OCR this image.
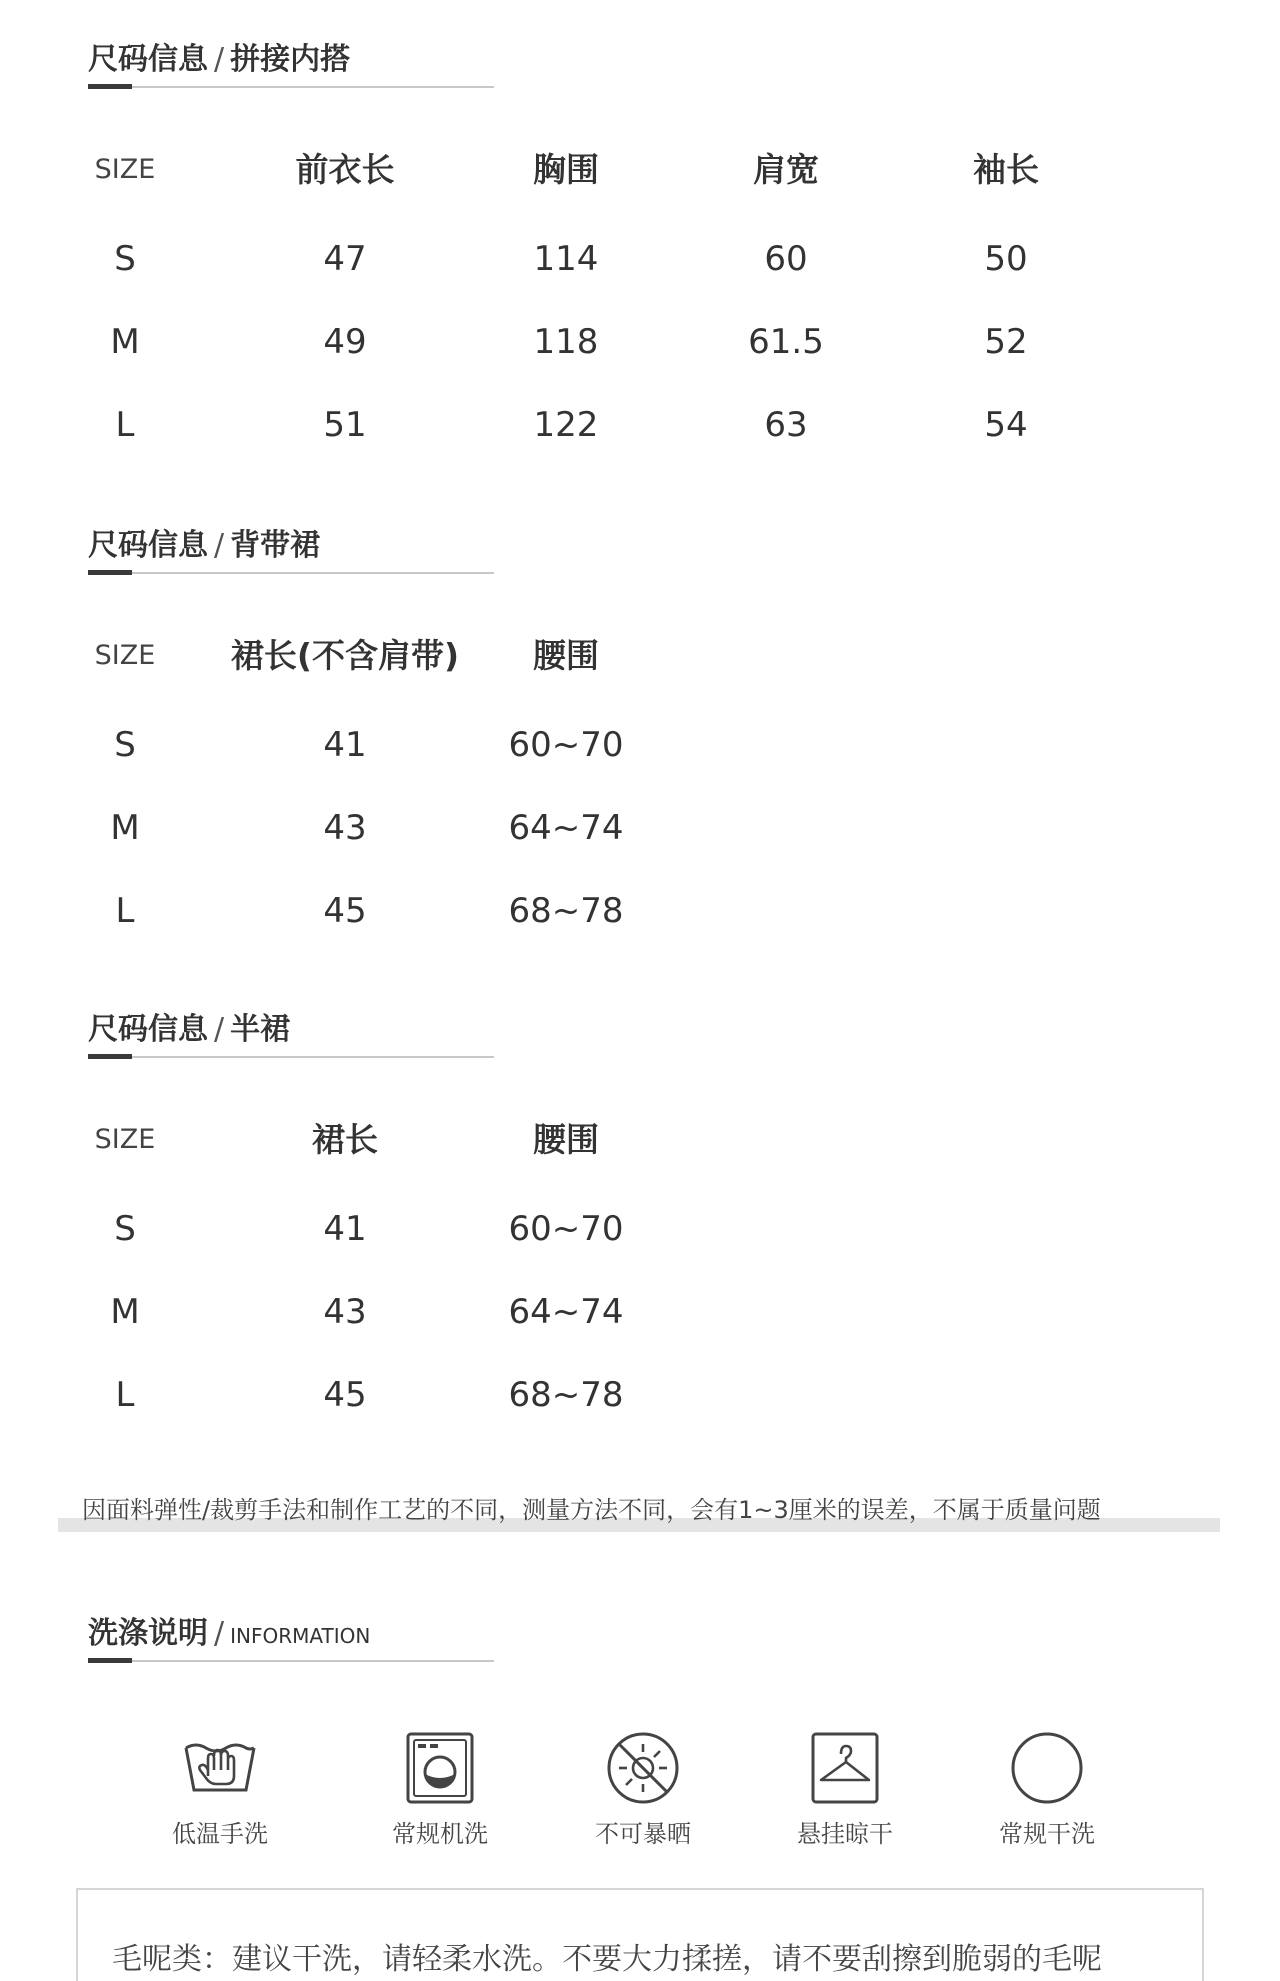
尺码信息 / 拼接内搭
SIZE	前衣长	胸围	肩宽	袖长
S	47	114	60	50
M	49	118	61.5	52
L	51	122	63	54
尺码信息 / 背带裙
SIZE 裙长(不含肩带) 腰围
S	41	60~70
M	43	64~74
L	45	68~78
尺码信息 / 半裙
SIZE	裙长	腰围
S	41	60~70
M	43	64~74
L	45	68~78
因面料弹性/裁剪手法和制作工艺的不同，测量方法不同，会有1~3厘米的误差，不属于质量问题
洗涤说明 / INFORMATION
低温手洗	常规机洗	不可暴晒	悬挂晾干	常规干洗
毛呢类：建议干洗，请轻柔水洗。不要大力揉搓，请不要刮擦到脆弱的毛呢
